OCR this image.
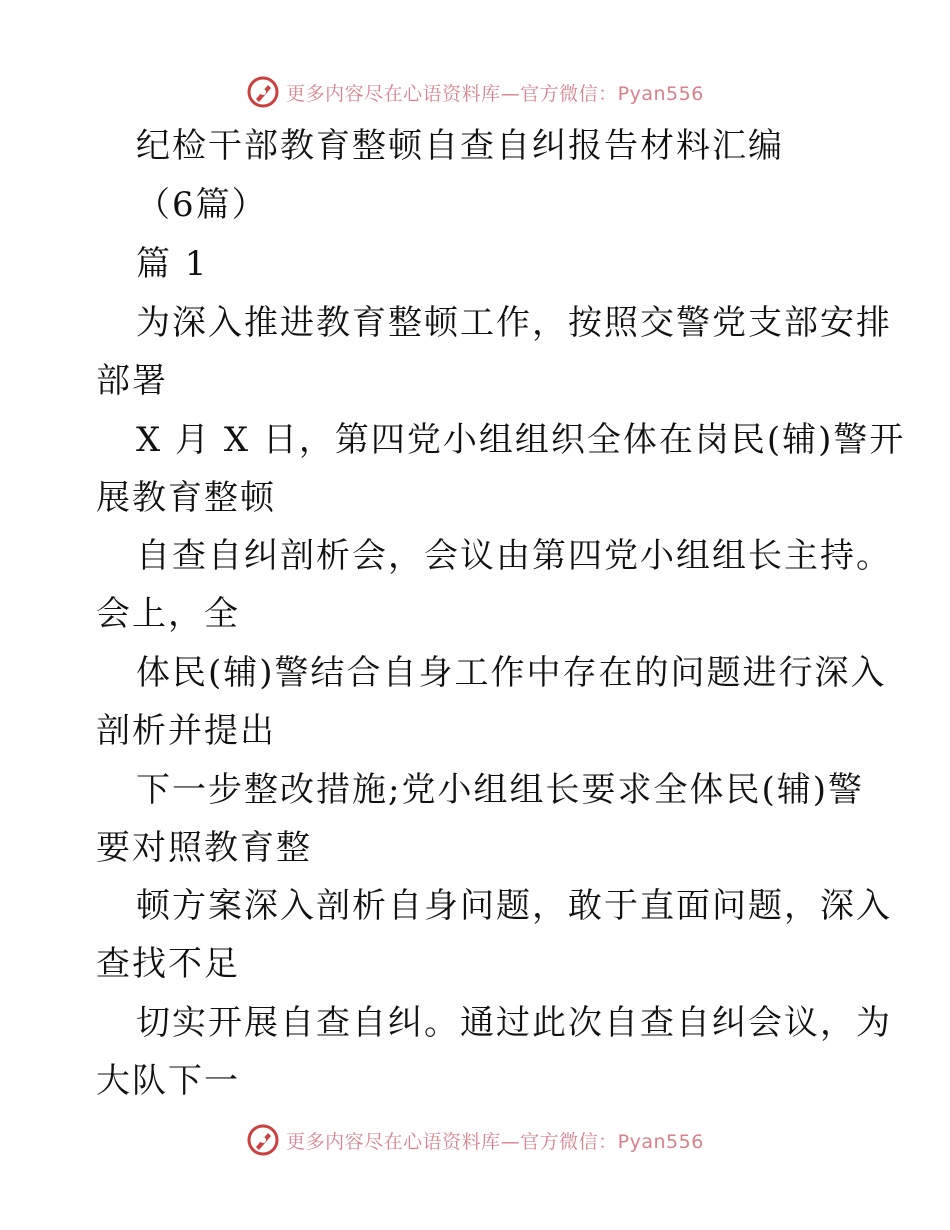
更多内容尽在心语资料库—官方微信：Pyan556
纪检干部教育整顿自查自纠报告材料汇编
（6篇）
篇 1
为深入推进教育整顿工作，按照交警党支部安排
部署
X 月 X 日，第四党小组组织全体在岗民(辅)警开
展教育整顿
自查自纠剖析会，会议由第四党小组组长主持。
会上，全
体民(辅)警结合自身工作中存在的问题进行深入
剖析并提出
下一步整改措施;党小组组长要求全体民(辅)警
要对照教育整
顿方案深入剖析自身问题，敢于直面问题，深入
查找不足
切实开展自查自纠。通过此次自查自纠会议，为
大队下一
更多内容尽在心语资料库—官方微信：Pyan556
